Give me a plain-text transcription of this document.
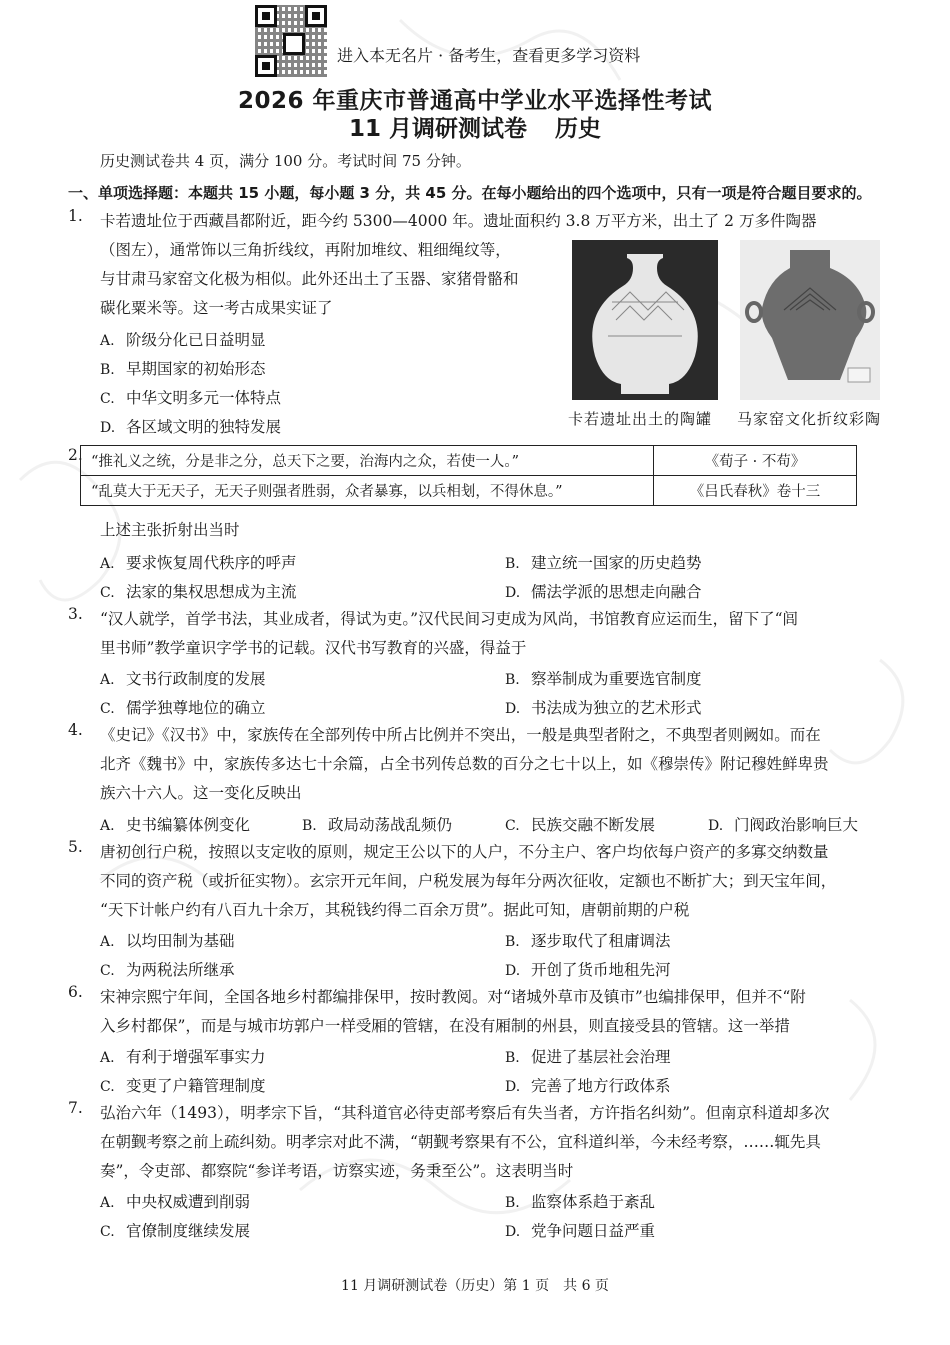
进入本无名片 · 备考生，查看更多学习资料
2026 年重庆市普通高中学业水平选择性考试
11 月调研测试卷 历史
历史测试卷共 4 页，满分 100 分。考试时间 75 分钟。
一、单项选择题：本题共 15 小题，每小题 3 分，共 45 分。在每小题给出的四个选项中，只有一项是符合题目要求的。
1. 卡若遗址位于西藏昌都附近，距今约 5300—4000 年。遗址面积约 3.8 万平方米，出土了 2 万多件陶器
（图左），通常饰以三角折线纹，再附加堆纹、粗细绳纹等，
与甘肃马家窑文化极为相似。此外还出土了玉器、家猪骨骼和
碳化粟米等。这一考古成果实证了
A. 阶级分化已日益明显
B. 早期国家的初始形态
C. 中华文明多元一体特点
D. 各区域文明的独特发展	卡若遗址出土的陶罐 马家窑文化折纹彩陶
2. “推礼义之统，分是非之分，总天下之要，治海内之众，若使一人。”	《荀子 · 不苟》
“乱莫大于无天子，无天子则强者胜弱，众者暴寡，以兵相刬，不得休息。”	《吕氏春秋》卷十三
上述主张折射出当时
A. 要求恢复周代秩序的呼声	B. 建立统一国家的历史趋势
C. 法家的集权思想成为主流	D. 儒法学派的思想走向融合
3. “汉人就学，首学书法，其业成者，得试为吏。”汉代民间习吏成为风尚，书馆教育应运而生，留下了“闾
里书师”教学童识字学书的记载。汉代书写教育的兴盛，得益于
A. 文书行政制度的发展	B. 察举制成为重要选官制度
C. 儒学独尊地位的确立	D. 书法成为独立的艺术形式
4. 《史记》《汉书》中，家族传在全部列传中所占比例并不突出，一般是典型者附之，不典型者则阙如。而在
北齐《魏书》中，家族传多达七十余篇，占全书列传总数的百分之七十以上，如《穆崇传》附记穆姓鲜卑贵
族六十六人。这一变化反映出
A. 史书编纂体例变化	B. 政局动荡战乱频仍	C. 民族交融不断发展	D. 门阀政治影响巨大
5. 唐初创行户税，按照以支定收的原则，规定王公以下的人户，不分主户、客户均依每户资产的多寡交纳数量
不同的资产税（或折征实物）。玄宗开元年间，户税发展为每年分两次征收，定额也不断扩大；到天宝年间，
“天下计帐户约有八百九十余万，其税钱约得二百余万贯”。据此可知，唐朝前期的户税
A. 以均田制为基础	B. 逐步取代了租庸调法
C. 为两税法所继承	D. 开创了货币地租先河
6. 宋神宗熙宁年间，全国各地乡村都编排保甲，按时教阅。对“诸城外草市及镇市”也编排保甲，但并不“附
入乡村都保”，而是与城市坊郭户一样受厢的管辖，在没有厢制的州县，则直接受县的管辖。这一举措
A. 有利于增强军事实力	B. 促进了基层社会治理
C. 变更了户籍管理制度	D. 完善了地方行政体系
7. 弘治六年（1493），明孝宗下旨，“其科道官必待吏部考察后有失当者，方许指名纠劾”。但南京科道却多次
在朝觐考察之前上疏纠劾。明孝宗对此不满，“朝觐考察果有不公，宜科道纠举，今未经考察，……辄先具
奏”，令吏部、都察院“参详考语，访察实迹，务秉至公”。这表明当时
A. 中央权威遭到削弱	B. 监察体系趋于紊乱
C. 官僚制度继续发展	D. 党争问题日益严重
11 月调研测试卷（历史）第 1 页　共 6 页
